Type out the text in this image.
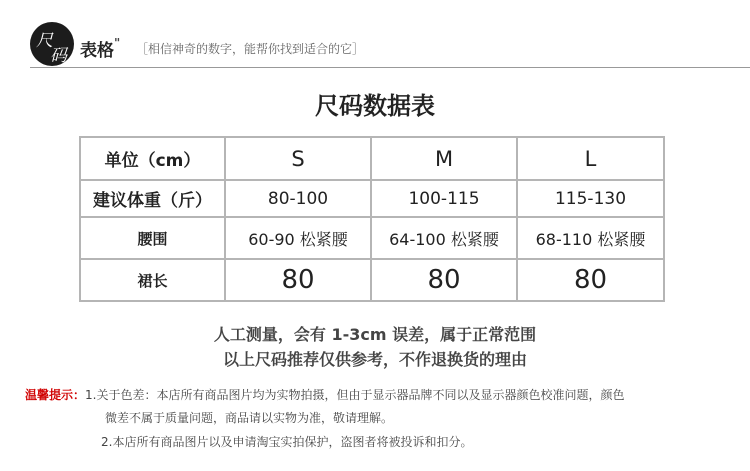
尺
码 表格" ［相信神奇的数字，能帮你找到适合的它］
尺码数据表
单位（cm）	S	M	L
建议体重（斤）	80-100	100-115	115-130
腰围	60-90 松紧腰	64-100 松紧腰	68-110 松紧腰
裙长	80	80	80
人工测量，会有 1-3cm 误差，属于正常范围
以上尺码推荐仅供参考，不作退换货的理由
温馨提示：1.关于色差：本店所有商品图片均为实物拍摄，但由于显示器品牌不同以及显示器颜色校准问题，颜色
微差不属于质量问题，商品请以实物为准，敬请理解。
2.本店所有商品图片以及申请淘宝实拍保护，盗图者将被投诉和扣分。
